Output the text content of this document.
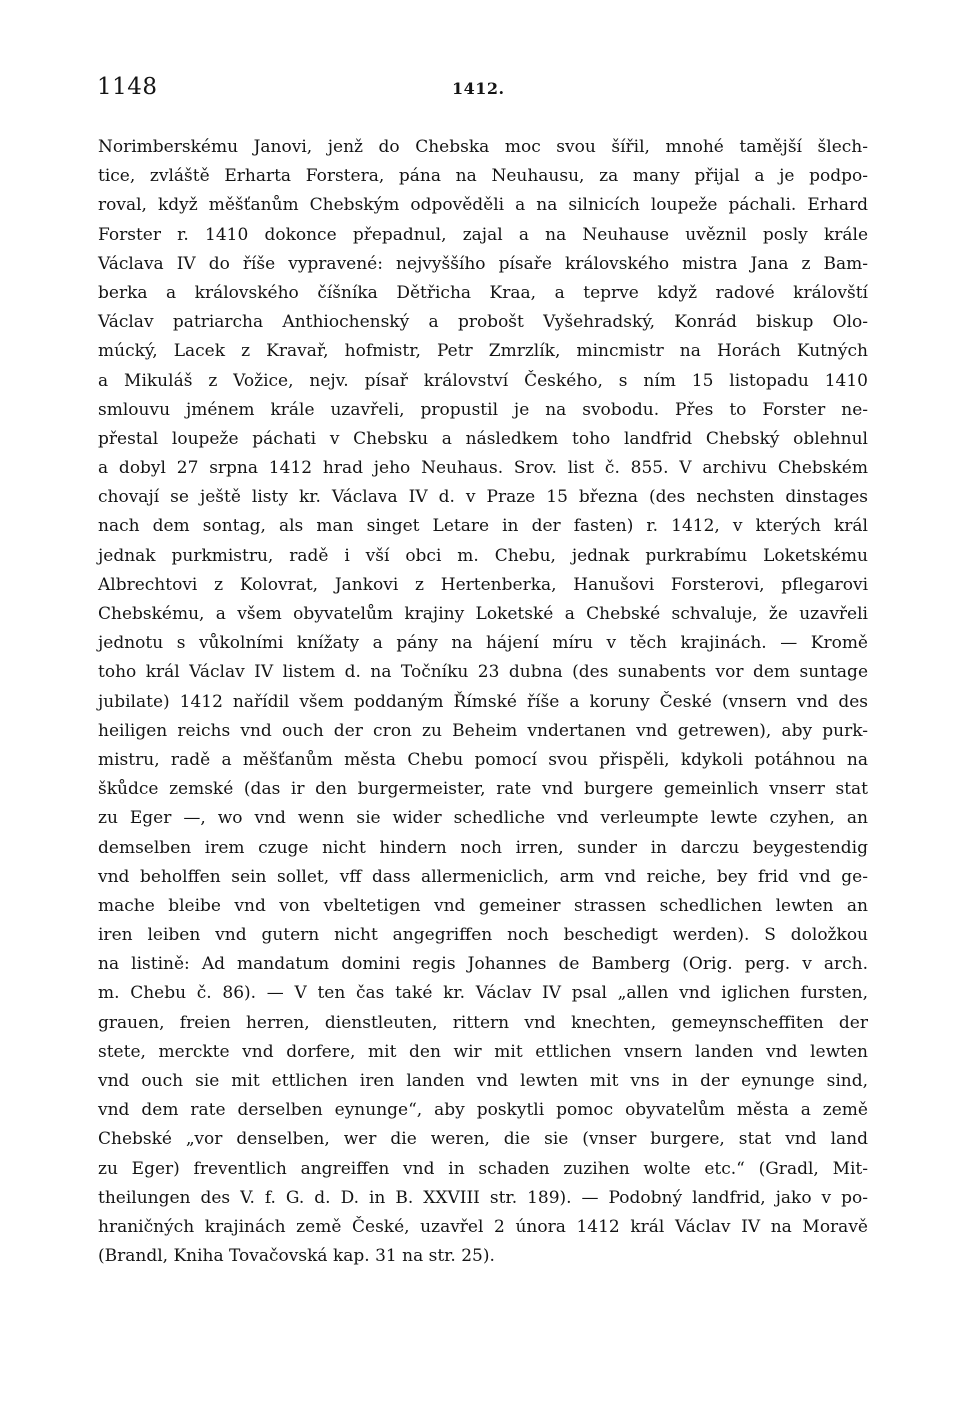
1148	1412.
Norimberskému Janovi, jenž do Chebska moc svou šířil, mnohé tamější šlech-
tice, zvláště Erharta Forstera, pána na Neuhausu, za many přijal a je podpo-
roval, když měšťanům Chebským odpověděli a na silnicích loupeže páchali. Erhard
Forster r. 1410 dokonce přepadnul, zajal a na Neuhause uvěznil posly krále
Václava IV do říše vypravené: nejvyššího písaře královského mistra Jana z Bam-
berka a královského číšníka Dětřicha Kraa, a teprve když radové královští
Václav patriarcha Anthiochenský a probošt Vyšehradský, Konrád biskup Olo-
múcký, Lacek z Kravař, hofmistr, Petr Zmrzlík, mincmistr na Horách Kutných
a Mikuláš z Vožice, nejv. písař království Českého, s ním 15 listopadu 1410
smlouvu jménem krále uzavřeli, propustil je na svobodu. Přes to Forster ne-
přestal loupeže páchati v Chebsku a následkem toho landfrid Chebský oblehnul
a dobyl 27 srpna 1412 hrad jeho Neuhaus. Srov. list č. 855. V archivu Chebském
chovají se ještě listy kr. Václava IV d. v Praze 15 března (des nechsten dinstages
nach dem sontag, als man singet Letare in der fasten) r. 1412, v kterých král
jednak purkmistru, radě i vší obci m. Chebu, jednak purkrabímu Loketskému
Albrechtovi z Kolovrat, Jankovi z Hertenberka, Hanušovi Forsterovi, pflegarovi
Chebskému, a všem obyvatelům krajiny Loketské a Chebské schvaluje, že uzavřeli
jednotu s vůkolními knížaty a pány na hájení míru v těch krajinách. — Kromě
toho král Václav IV listem d. na Točníku 23 dubna (des sunabents vor dem suntage
jubilate) 1412 nařídil všem poddaným Římské říše a koruny České (vnsern vnd des
heiligen reichs vnd ouch der cron zu Beheim vndertanen vnd getrewen), aby purk-
mistru, radě a měšťanům města Chebu pomocí svou přispěli, kdykoli potáhnou na
škůdce zemské (das ir den burgermeister, rate vnd burgere gemeinlich vnserr stat
zu Eger —, wo vnd wenn sie wider schedliche vnd verleumpte lewte czyhen, an
demselben irem czuge nicht hindern noch irren, sunder in darczu beygestendig
vnd beholffen sein sollet, vff dass allermeniclich, arm vnd reiche, bey frid vnd ge-
mache bleibe vnd von vbeltetigen vnd gemeiner strassen schedlichen lewten an
iren leiben vnd gutern nicht angegriffen noch beschedigt werden). S doložkou
na listině: Ad mandatum domini regis Johannes de Bamberg (Orig. perg. v arch.
m. Chebu č. 86). — V ten čas také kr. Václav IV psal „allen vnd iglichen fursten,
grauen, freien herren, dienstleuten, rittern vnd knechten, gemeynscheffiten der
stete, merckte vnd dorfere, mit den wir mit ettlichen vnsern landen vnd lewten
vnd ouch sie mit ettlichen iren landen vnd lewten mit vns in der eynunge sind,
vnd dem rate derselben eynunge“, aby poskytli pomoc obyvatelům města a země
Chebské „vor denselben, wer die weren, die sie (vnser burgere, stat vnd land
zu Eger) freventlich angreiffen vnd in schaden zuzihen wolte etc.“ (Gradl, Mit-
theilungen des V. f. G. d. D. in B. XXVIII str. 189). — Podobný landfrid, jako v po-
hraničných krajinách země České, uzavřel 2 února 1412 král Václav IV na Moravě
(Brandl, Kniha Tovačovská kap. 31 na str. 25).
